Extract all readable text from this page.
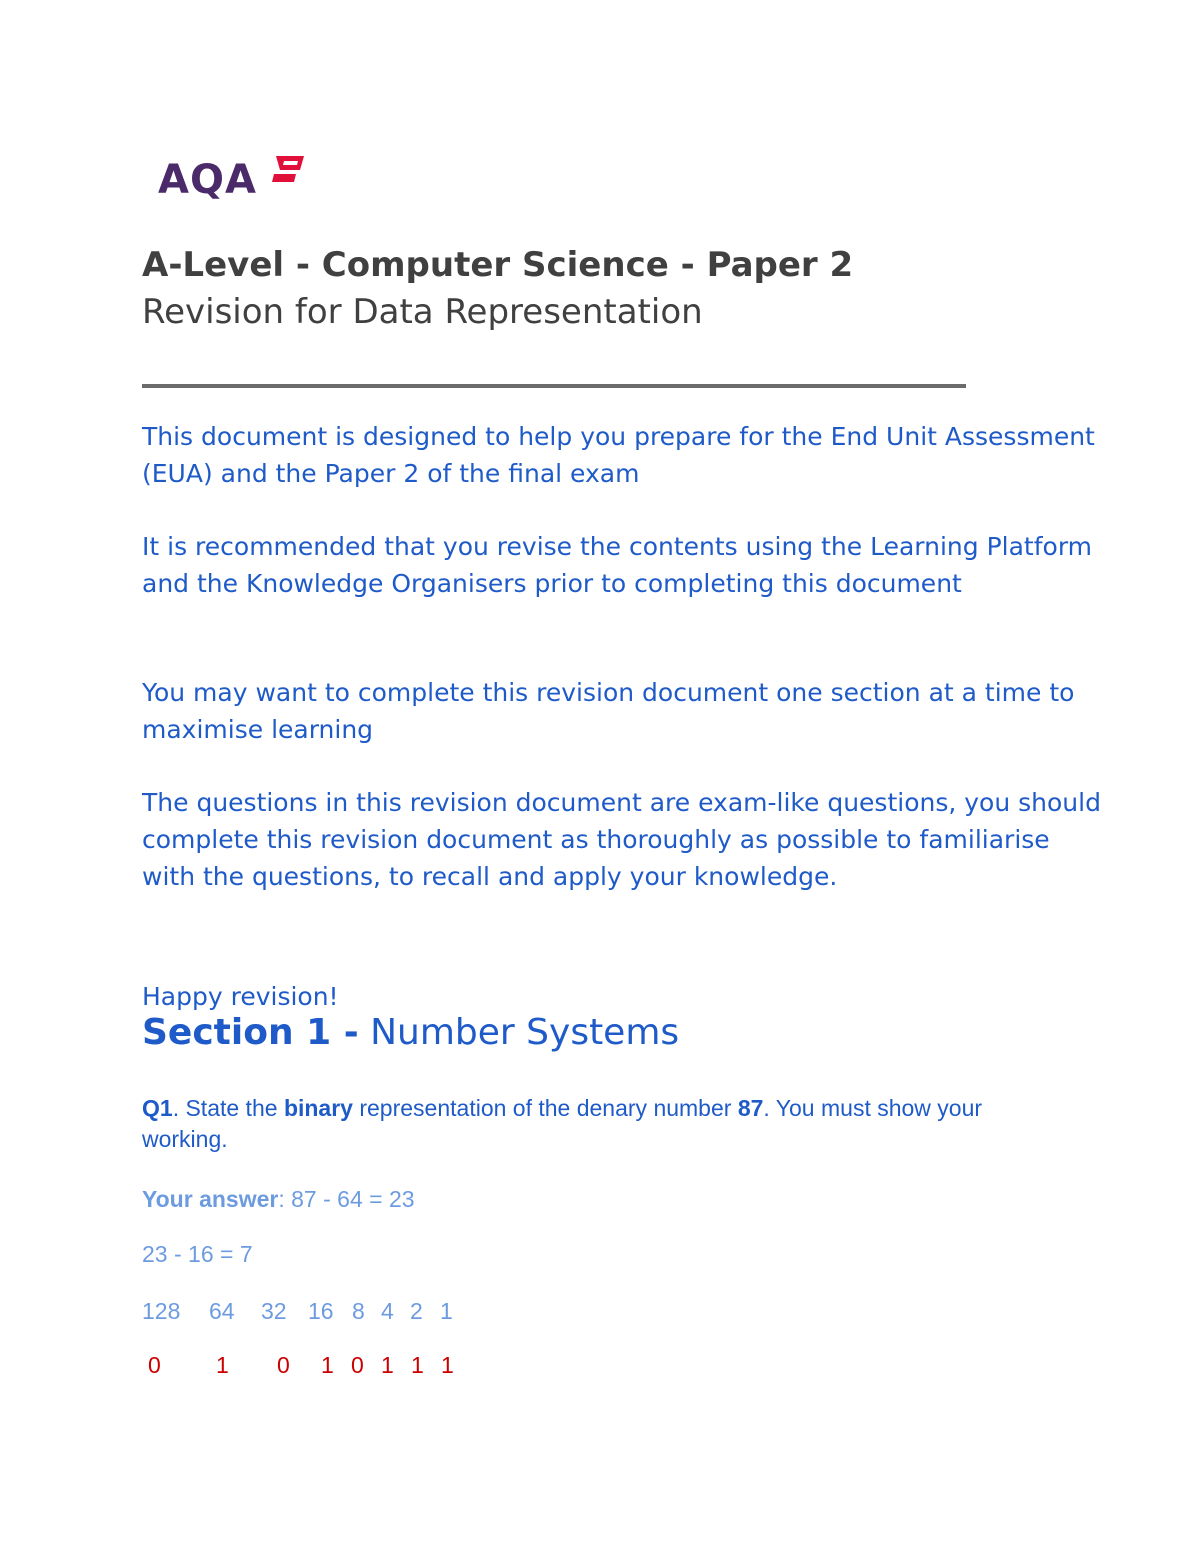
AQA
A-Level - Computer Science - Paper 2
Revision for Data Representation

This document is designed to help you prepare for the End Unit Assessment (EUA) and the Paper 2 of the final exam

It is recommended that you revise the contents using the Learning Platform and the Knowledge Organisers prior to completing this document

You may want to complete this revision document one section at a time to maximise learning

The questions in this revision document are exam-like questions, you should complete this revision document as thoroughly as possible to familiarise with the questions, to recall and apply your knowledge.

Happy revision!

Section 1 - Number Systems
Q1. State the binary representation of the denary number 87. You must show your working.
Your answer: 87 - 64 = 23
23 - 16 = 7
128 64 32 16 8 4 2 1
0 1 0 1 0 1 1 1
